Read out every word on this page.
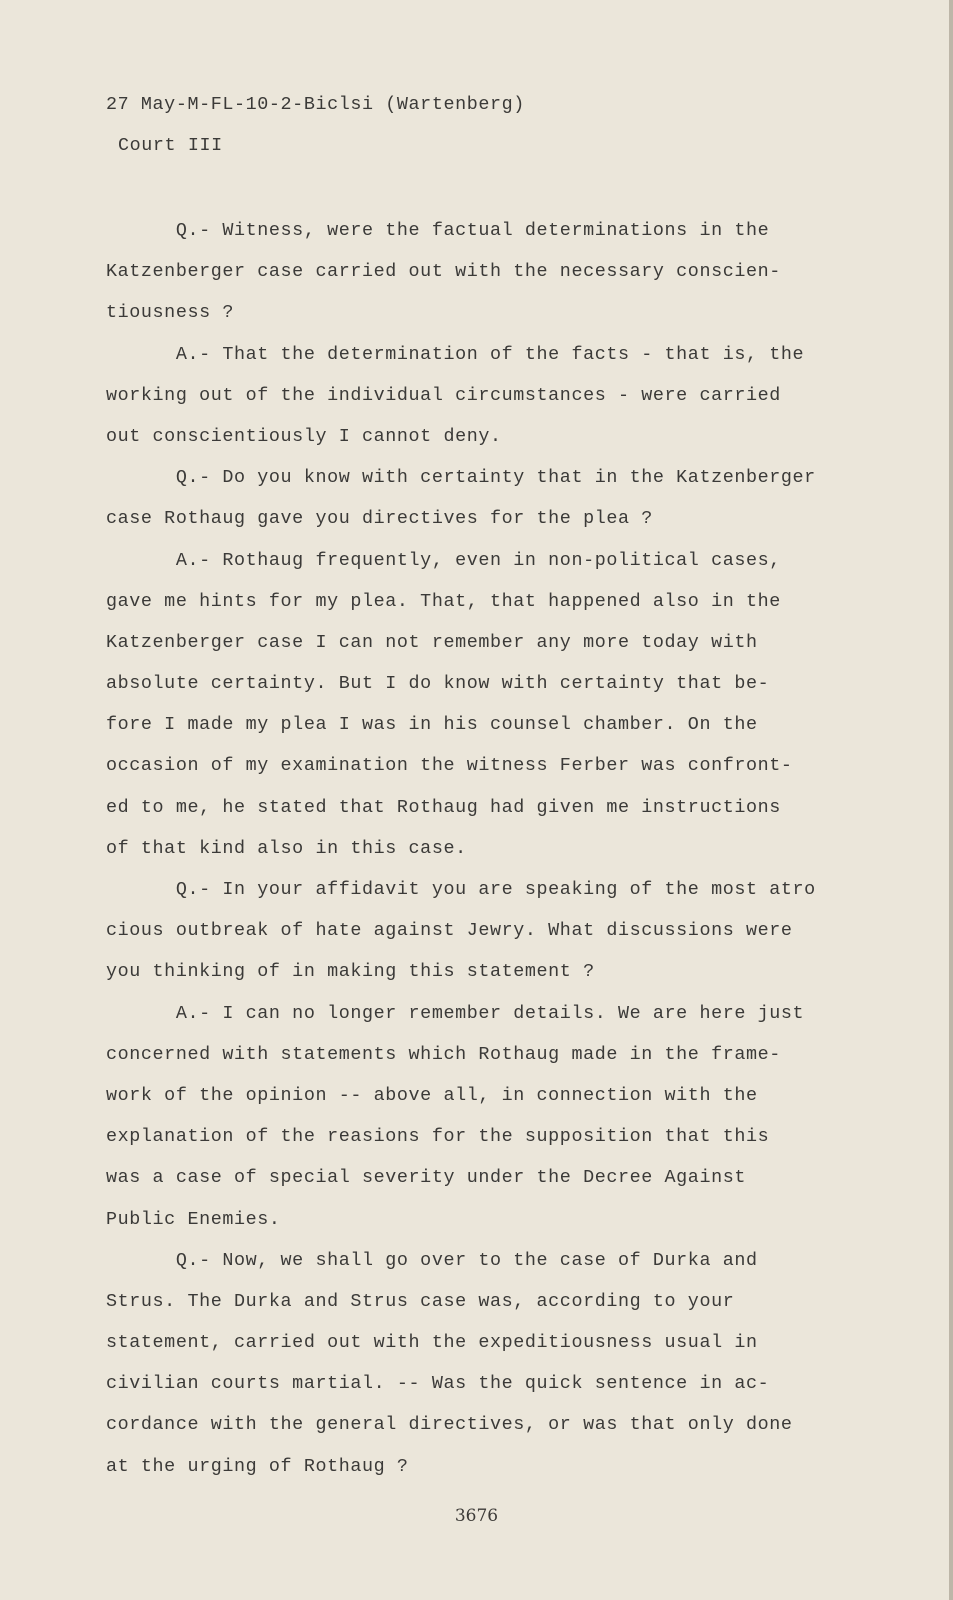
27 May-M-FL-10-2-Biclsi (Wartenberg)
Court III
Q.- Witness, were the factual determinations in the
Katzenberger case carried out with the necessary conscien-
tiousness ?
A.- That the determination of the facts - that is, the
working out of the individual circumstances - were carried
out conscientiously I cannot deny.
Q.- Do you know with certainty that in the Katzenberger
case Rothaug gave you directives for the plea ?
A.- Rothaug frequently, even in non-political cases,
gave me hints for my plea. That, that happened also in the
Katzenberger case I can not remember any more today with
absolute certainty. But I do know with certainty that be-
fore I made my plea I was in his counsel chamber. On the
occasion of my examination the witness Ferber was confront-
ed to me, he stated that Rothaug had given me instructions
of that kind also in this case.
Q.- In your affidavit you are speaking of the most atro
cious outbreak of hate against Jewry. What discussions were
you thinking of in making this statement ?
A.- I can no longer remember details. We are here just
concerned with statements which Rothaug made in the frame-
work of the opinion -- above all, in connection with the
explanation of the reasions for the supposition that this
was a case of special severity under the Decree Against
Public Enemies.
Q.- Now, we shall go over to the case of Durka and
Strus. The Durka and Strus case was, according to your
statement, carried out with the expeditiousness usual in
civilian courts martial. -- Was the quick sentence in ac-
cordance with the general directives, or was that only done
at the urging of Rothaug ?
3676
